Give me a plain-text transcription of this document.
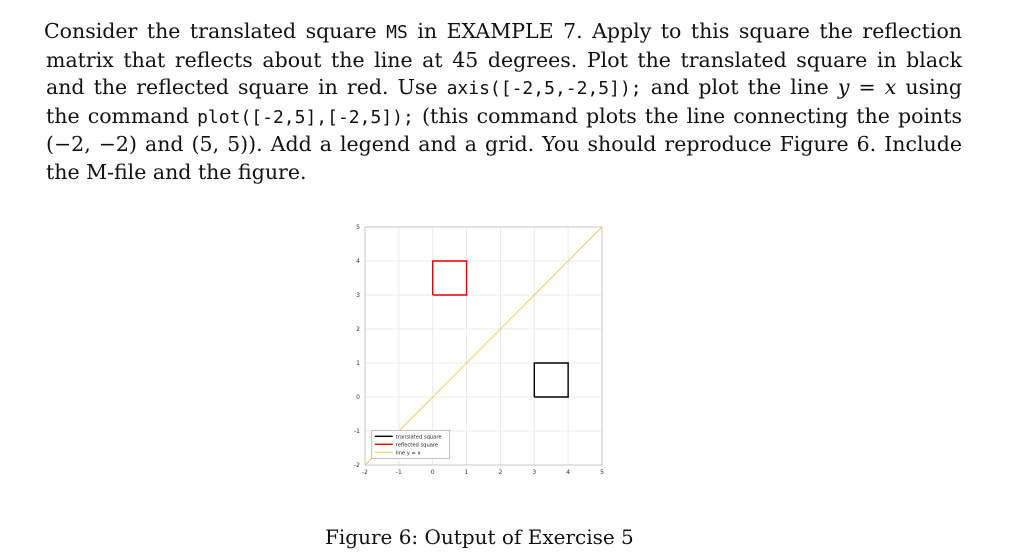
Consider the translated square MS in EXAMPLE 7. Apply to this square the reflection matrix that reflects about the line at 45 degrees. Plot the translated square in black and the reflected square in red. Use axis([-2,5,-2,5]); and plot the line y = x using the command plot([-2,5],[-2,5]); (this command plots the line connecting the points (−2, −2) and (5, 5)). Add a legend and a grid. You should reproduce Figure 6. Include the M-file and the figure.
-2	-1	0	1	2	3	4	5
-2
-1
0
1
2
3
4
5
translated square
reflected square
line y = x
Figure 6: Output of Exercise 5
